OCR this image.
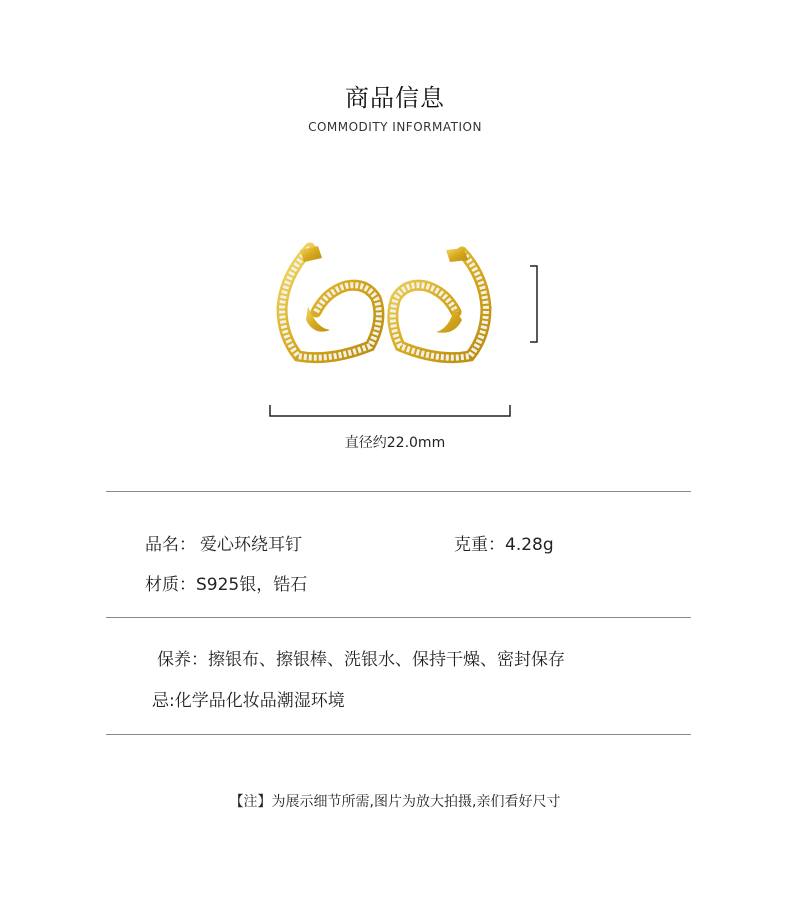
商品信息
COMMODITY INFORMATION
直径约22.0mm
品名： 爱心环绕耳钉	克重：4.28g
材质：S925银，锆石
保养：擦银布、擦银棒、洗银水、保持干燥、密封保存
忌:化学品化妆品潮湿环境
【注】为展示细节所需,图片为放大拍摄,亲们看好尺寸
